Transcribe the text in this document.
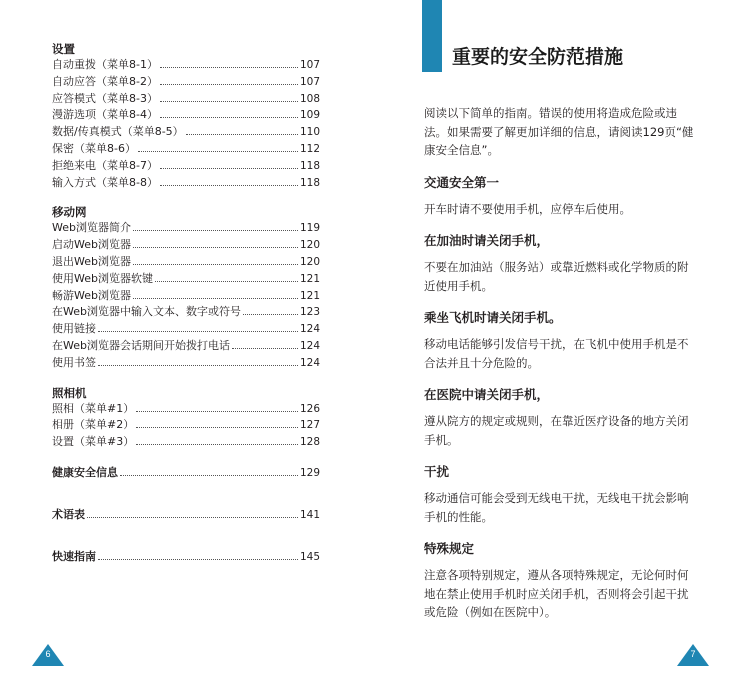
设置
自动重拨（菜单8-1）	107
自动应答（菜单8-2）	107
应答模式（菜单8-3）	108
漫游选项（菜单8-4）	109
数据/传真模式（菜单8-5）	110
保密（菜单8-6）	112
拒绝来电（菜单8-7）	118
输入方式（菜单8-8）	118
移动网
Web浏览器简介	119
启动Web浏览器	120
退出Web浏览器	120
使用Web浏览器软键	121
畅游Web浏览器	121
在Web浏览器中输入文本、数字或符号	123
使用链接	124
在Web浏览器会话期间开始拨打电话	124
使用书签	124
照相机
照相（菜单#1）	126
相册（菜单#2）	127
设置（菜单#3）	128
健康安全信息	129
术语表	141
快速指南	145
6
重要的安全防范措施

阅读以下简单的指南。错误的使用将造成危险或违法。如果需要了解更加详细的信息，请阅读129页“健康安全信息”。

交通安全第一

开车时请不要使用手机，应停车后使用。

在加油时请关闭手机，

不要在加油站（服务站）或靠近燃料或化学物质的附近使用手机。

乘坐飞机时请关闭手机。

移动电话能够引发信号干扰，在飞机中使用手机是不合法并且十分危险的。

在医院中请关闭手机，

遵从院方的规定或规则，在靠近医疗设备的地方关闭手机。

干扰

移动通信可能会受到无线电干扰，无线电干扰会影响手机的性能。

特殊规定

注意各项特别规定，遵从各项特殊规定，无论何时何地在禁止使用手机时应关闭手机，否则将会引起干扰或危险（例如在医院中）。

7
